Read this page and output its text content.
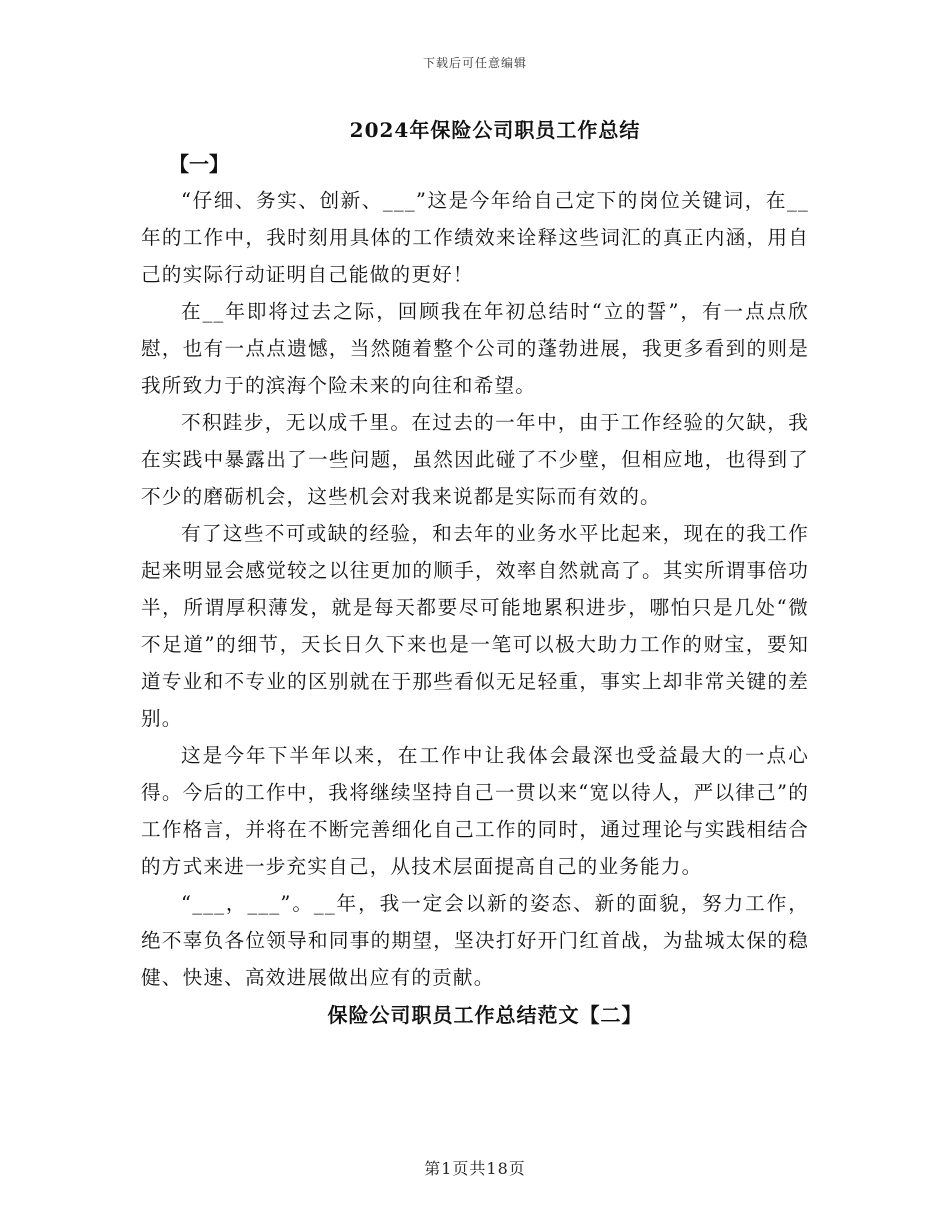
下载后可任意编辑
2024年保险公司职员工作总结

【一】

“仔细、务实、创新、___”这是今年给自己定下的岗位关键词，在__年的工作中，我时刻用具体的工作绩效来诠释这些词汇的真正内涵，用自己的实际行动证明自己能做的更好！

在__年即将过去之际，回顾我在年初总结时“立的誓”，有一点点欣慰，也有一点点遗憾，当然随着整个公司的蓬勃进展，我更多看到的则是我所致力于的滨海个险未来的向往和希望。

不积跬步，无以成千里。在过去的一年中，由于工作经验的欠缺，我在实践中暴露出了一些问题，虽然因此碰了不少壁，但相应地，也得到了不少的磨砺机会，这些机会对我来说都是实际而有效的。

有了这些不可或缺的经验，和去年的业务水平比起来，现在的我工作起来明显会感觉较之以往更加的顺手，效率自然就高了。其实所谓事倍功半，所谓厚积薄发，就是每天都要尽可能地累积进步，哪怕只是几处“微不足道”的细节，天长日久下来也是一笔可以极大助力工作的财宝，要知道专业和不专业的区别就在于那些看似无足轻重，事实上却非常关键的差别。

这是今年下半年以来，在工作中让我体会最深也受益最大的一点心得。今后的工作中，我将继续坚持自己一贯以来“宽以待人，严以律己”的工作格言，并将在不断完善细化自己工作的同时，通过理论与实践相结合的方式来进一步充实自己，从技术层面提高自己的业务能力。

“___，___”。__年，我一定会以新的姿态、新的面貌，努力工作，绝不辜负各位领导和同事的期望，坚决打好开门红首战，为盐城太保的稳健、快速、高效进展做出应有的贡献。

保险公司职员工作总结范文【二】

第1页共18页
